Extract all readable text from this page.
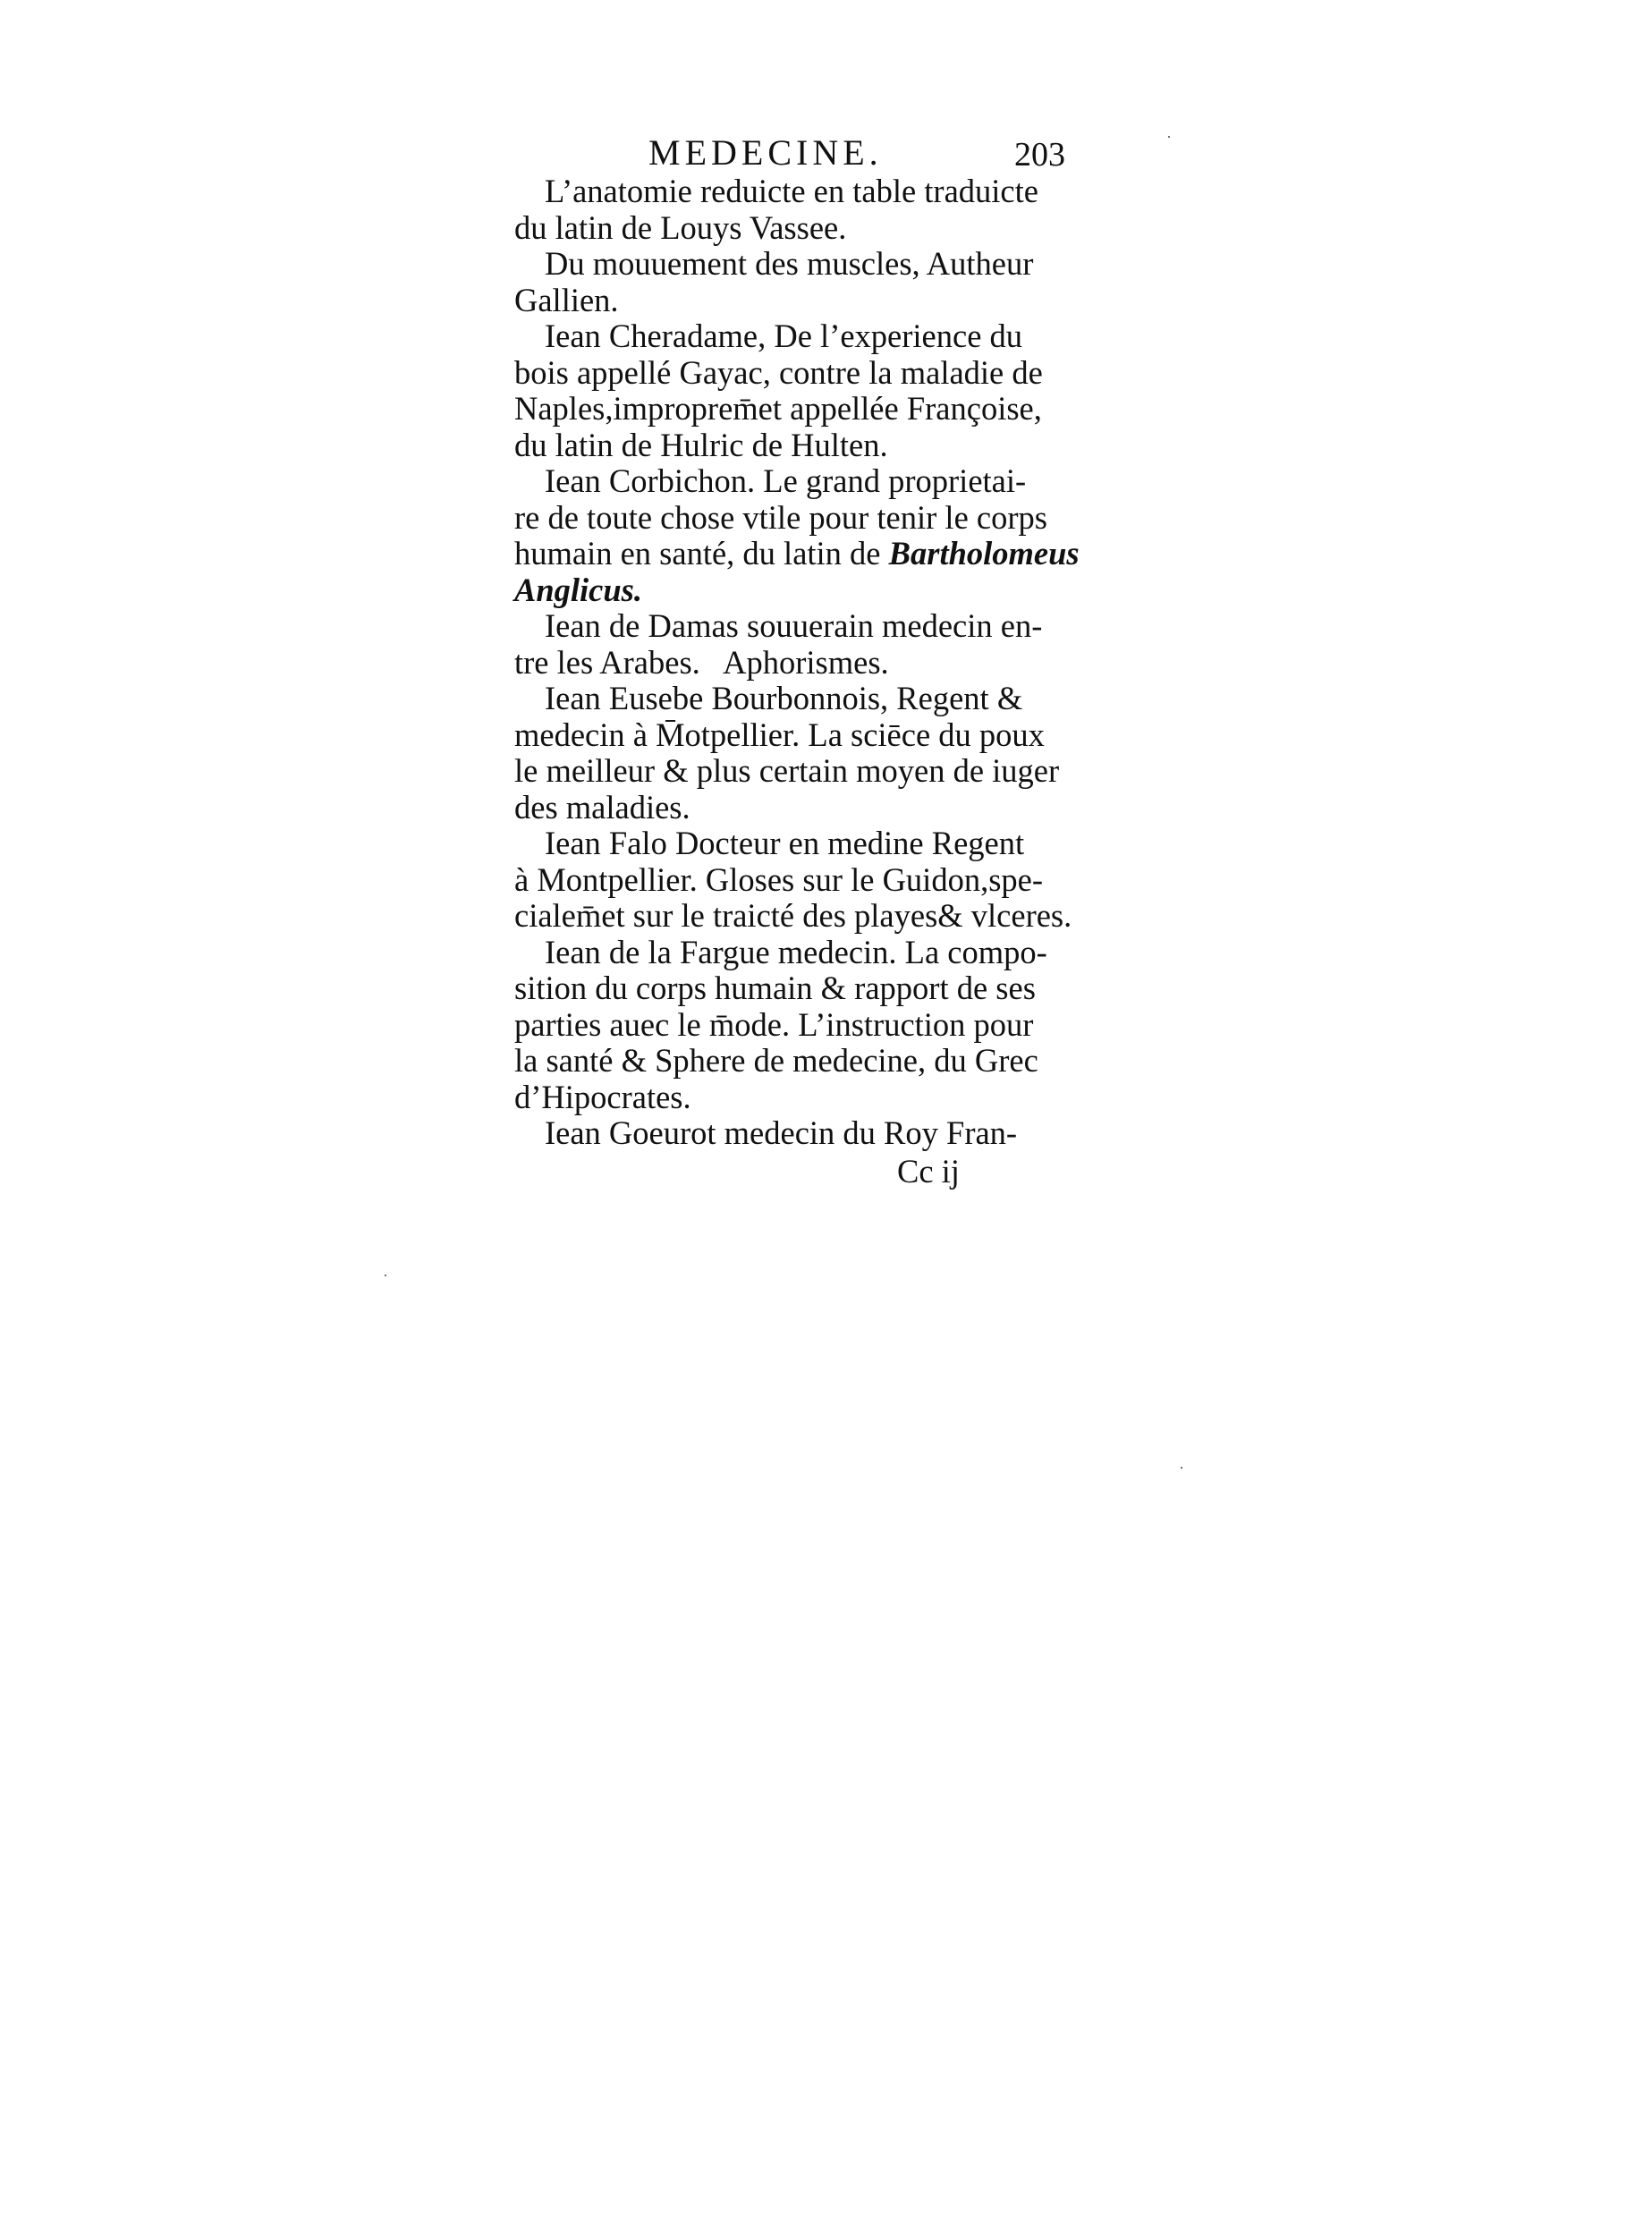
MEDECINE.	203
L’anatomie reduicte en table traduicte
du latin de Louys Vassee.
Du mouuement des muscles, Autheur
Gallien.
Iean Cheradame, De l’experience du
bois appellé Gayac, contre la maladie de
Naples,improprem̄et appellée Françoise,
du latin de Hulric de Hulten.
Iean Corbichon. Le grand proprietai-
re de toute chose vtile pour tenir le corps
humain en santé, du latin de Bartholomeus
Anglicus.
Iean de Damas souuerain medecin en-
tre les Arabes.   Aphorismes.
Iean Eusebe Bourbonnois, Regent &
medecin à M̄otpellier. La sciēce du poux
le meilleur & plus certain moyen de iuger
des maladies.
Iean Falo Docteur en medine Regent
à Montpellier. Gloses sur le Guidon,spe-
cialem̄et sur le traicté des playes& vlceres.
Iean de la Fargue medecin. La compo-
sition du corps humain & rapport de ses
parties auec le m̄ode. L’instruction pour
la santé & Sphere de medecine, du Grec
d’Hipocrates.
Iean Goeurot medecin du Roy Fran-
Cc ij
